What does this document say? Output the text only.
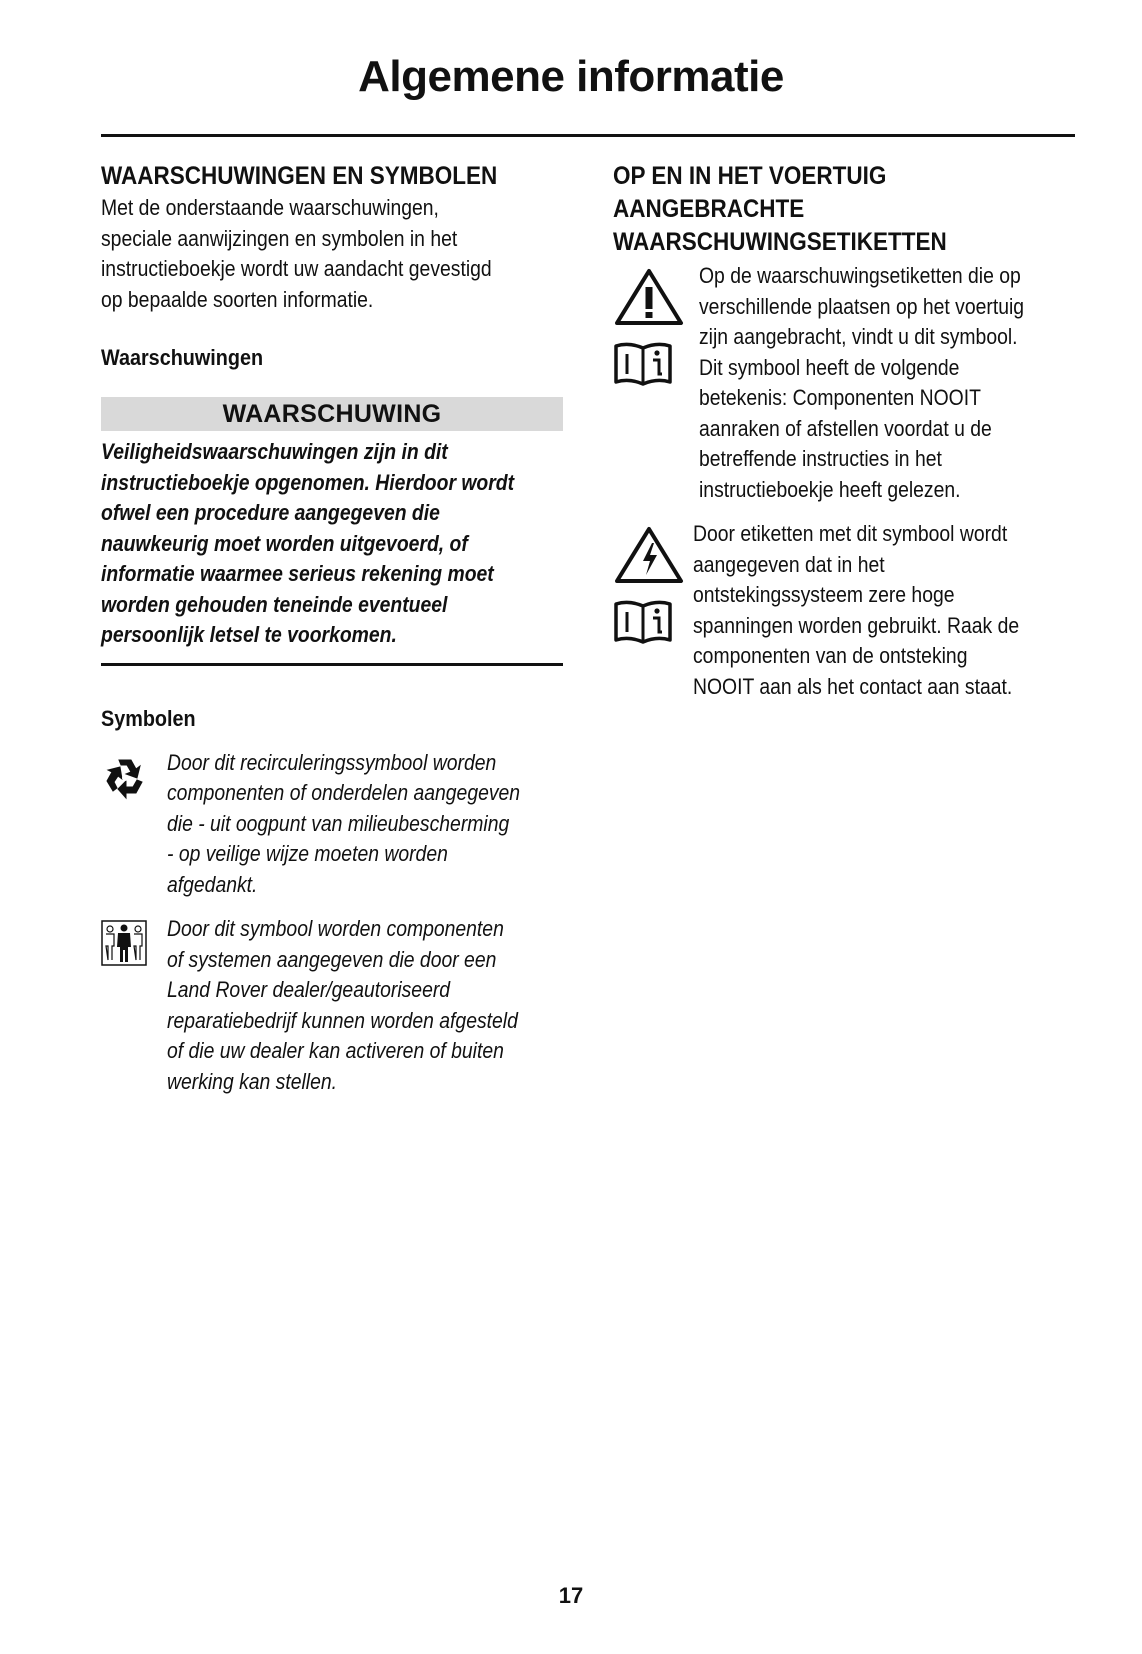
Algemene informatie
WAARSCHUWINGEN EN SYMBOLEN

Met de onderstaande waarschuwingen,

speciale aanwijzingen en symbolen in het

instructieboekje wordt uw aandacht gevestigd

op bepaalde soorten informatie.

Waarschuwingen
WAARSCHUWING

Veiligheidswaarschuwingen zijn in dit

instructieboekje opgenomen. Hierdoor wordt

ofwel een procedure aangegeven die

nauwkeurig moet worden uitgevoerd, of

informatie waarmee serieus rekening moet

worden gehouden teneinde eventueel

persoonlijk letsel te voorkomen.

Symbolen

Door dit recirculeringssymbool worden

componenten of onderdelen aangegeven

die - uit oogpunt van milieubescherming

- op veilige wijze moeten worden

afgedankt.

Door dit symbool worden componenten

of systemen aangegeven die door een

Land Rover dealer/geautoriseerd

reparatiebedrijf kunnen worden afgesteld

of die uw dealer kan activeren of buiten

werking kan stellen.

OP EN IN HET VOERTUIG
AANGEBRACHTE
WAARSCHUWINGSETIKETTEN

Op de waarschuwingsetiketten die op

verschillende plaatsen op het voertuig

zijn aangebracht, vindt u dit symbool.

Dit symbool heeft de volgende

betekenis: Componenten NOOIT

aanraken of afstellen voordat u de

betreffende instructies in het

instructieboekje heeft gelezen.

Door etiketten met dit symbool wordt

aangegeven dat in het

ontstekingssysteem zere hoge

spanningen worden gebruikt. Raak de

componenten van de ontsteking

NOOIT aan als het contact aan staat.

17
